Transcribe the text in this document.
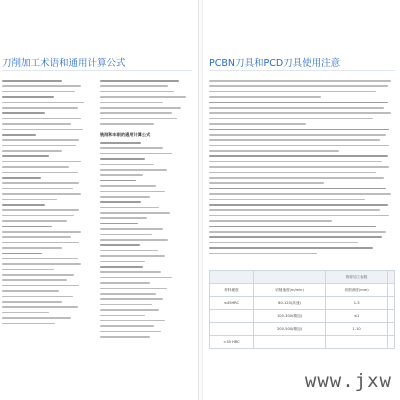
刀削加工术语和通用计算公式
铣削和车削的通用计算公式
PCBN刀具和PCD刀具使用注意
		推荐加工参数	
材料硬度	切削速度(m/min)	切削深度(mm)	
≤45HRC	60-120(高速)	1-3	
	100-300(精加)	≤1	
	200-500(精加)	1-10	
>35 HRC			
www.jxw
